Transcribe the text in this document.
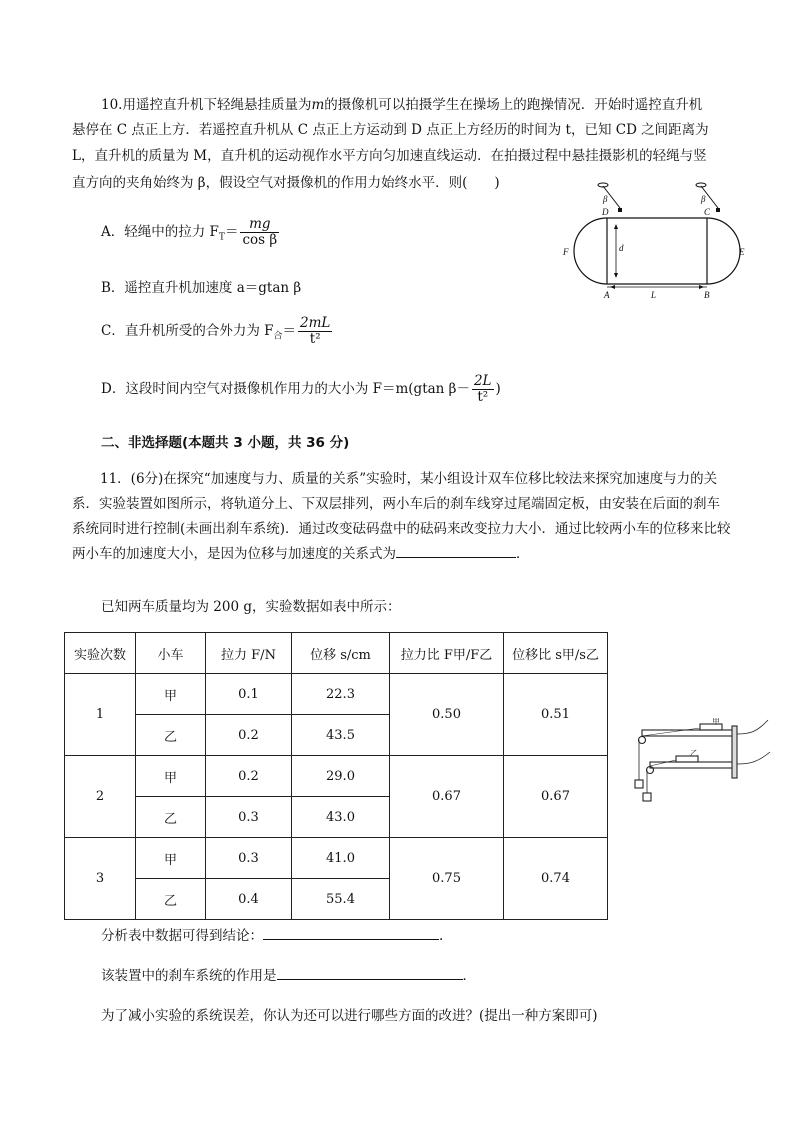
10.用遥控直升机下轻绳悬挂质量为m的摄像机可以拍摄学生在操场上的跑操情况．开始时遥控直升机
悬停在 C 点正上方．若遥控直升机从 C 点正上方运动到 D 点正上方经历的时间为 t，已知 CD 之间距离为
L，直升机的质量为 M，直升机的运动视作水平方向匀加速直线运动．在拍摄过程中悬挂摄影机的轻绳与竖
直方向的夹角始终为 β，假设空气对摄像机的作用力始终水平．则(　　)
A．轻绳中的拉力 $F_T= \frac{mg}{\text{cos β}}$
B．遥控直升机加速度 a＝gtan β
C．直升机所受的合外力为 $F_合= \frac{2mL}{\text{t²}}$
D．这段时间内空气对摄像机作用力的大小为 F＝m(gtan $\beta- \frac{2L}{\text{t²}}$ )
D	C
F	E
A	B
d
L
β	β
二、非选择题(本题共 3 小题，共 36 分)
11．(6分)在探究“加速度与力、质量的关系”实验时，某小组设计双车位移比较法来探究加速度与力的关系．实验装置如图所示，将轨道分上、下双层排列，两小车后的刹车线穿过尾端固定板，由安装在后面的刹车系统同时进行控制(未画出刹车系统)．通过改变砝码盘中的砝码来改变拉力大小．通过比较两小车的位移来比较两小车的加速度大小，是因为位移与加速度的关系式为	．
已知两车质量均为 200 g，实验数据如表中所示：
实验次数	小车	拉力 F/N	位移 s/cm	拉力比 F甲/F乙	位移比 s甲/s乙
1	甲	0.1	22.3	0.50	0.51
	乙	0.2	43.5		
2	甲	0.2	29.0	0.67	0.67
	乙	0.3	43.0		
3	甲	0.3	41.0	0.75	0.74
	乙	0.4	55.4		
甲
乙
分析表中数据可得到结论：	.
该装置中的刹车系统的作用是	．
为了减小实验的系统误差，你认为还可以进行哪些方面的改进？(提出一种方案即可)
